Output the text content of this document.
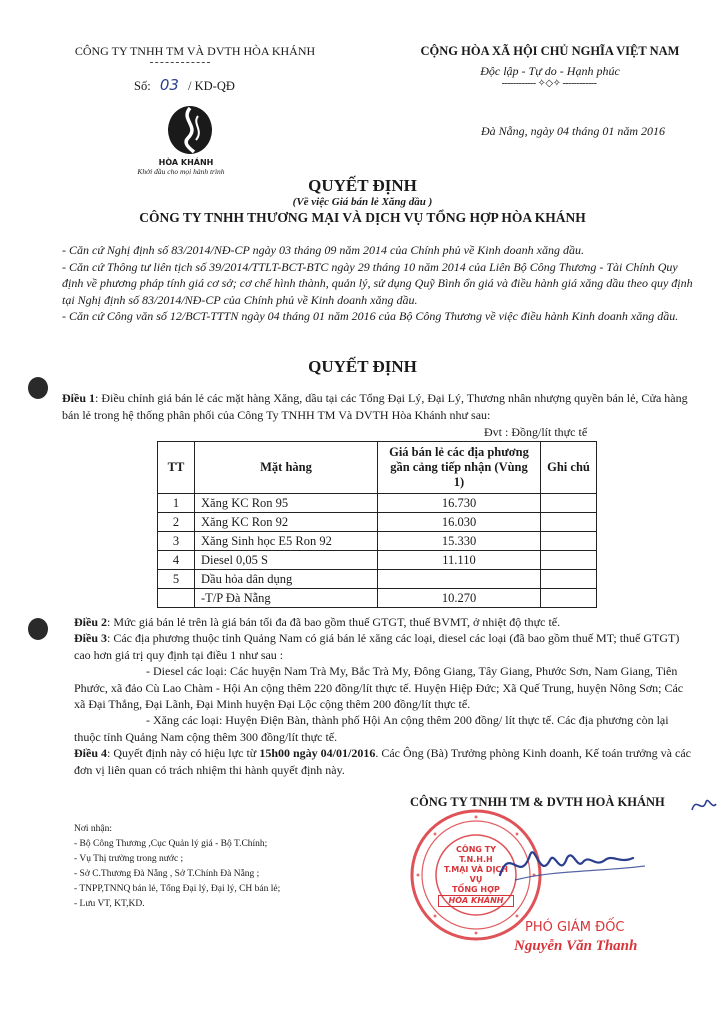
CÔNG TY TNHH TM VÀ DVTH HÒA KHÁNH
Số: 03 / KD-QĐ
HÒA KHÁNH
Khởi đầu cho mọi hành trình
CỘNG HÒA XÃ HỘI CHỦ NGHĨA VIỆT NAM
Độc lập - Tự do - Hạnh phúc
------------ ✧◇✧ ------------
Đà Nẵng, ngày 04 tháng 01 năm 2016
QUYẾT ĐỊNH
(Về việc Giá bán lẻ Xăng dầu )
CÔNG TY TNHH THƯƠNG MẠI VÀ DỊCH VỤ TỔNG HỢP HÒA KHÁNH
- Căn cứ Nghị định số 83/2014/NĐ-CP ngày 03 tháng 09 năm 2014 của Chính phủ về Kinh doanh xăng dầu.
- Căn cứ Thông tư liên tịch số 39/2014/TTLT-BCT-BTC ngày 29 tháng 10 năm 2014 của Liên Bộ Công Thương - Tài Chính Quy định về phương pháp tính giá cơ sở; cơ chế hình thành, quản lý, sử dụng Quỹ Bình ổn giá và điều hành giá xăng dầu theo quy định tại Nghị định số 83/2014/NĐ-CP của Chính phủ về Kinh doanh xăng dầu.
- Căn cứ Công văn số 12/BCT-TTTN ngày 04 tháng 01 năm 2016 của Bộ Công Thương về việc điều hành Kinh doanh xăng dầu.
QUYẾT ĐỊNH
Điều 1: Điều chỉnh giá bán lẻ các mặt hàng Xăng, dầu tại các Tổng Đại Lý, Đại Lý, Thương nhân nhượng quyền bán lẻ, Cửa hàng bán lẻ trong hệ thống phân phối của Công Ty TNHH TM Và DVTH Hòa Khánh như sau:
Đvt : Đồng/lít thực tế
TT	Mặt hàng	Giá bán lẻ các địa phương gần cảng tiếp nhận (Vùng 1)	Ghi chú
1	Xăng KC Ron 95	16.730	
2	Xăng KC Ron 92	16.030	
3	Xăng Sinh học E5 Ron 92	15.330	
4	Diesel 0,05 S	11.110	
5	Dầu hỏa dân dụng		
	-T/P Đà Nẵng	10.270	
Điều 2: Mức giá bán lẻ trên là giá bán tối đa đã bao gồm thuế GTGT, thuế BVMT, ở nhiệt độ thực tế.
Điều 3: Các địa phương thuộc tỉnh Quảng Nam có giá bán lẻ xăng các loại, diesel các loại (đã bao gồm thuế MT; thuế GTGT) cao hơn giá trị quy định tại điều 1 như sau :
- Diesel các loại: Các huyện Nam Trà My, Bắc Trà My, Đông Giang, Tây Giang, Phước Sơn, Nam Giang, Tiên Phước, xã đảo Cù Lao Chàm - Hội An cộng thêm 220 đồng/lít thực tế. Huyện Hiệp Đức; Xã Quế Trung, huyện Nông Sơn; Các xã Đại Thắng, Đại Lãnh, Đại Minh huyện Đại Lộc cộng thêm 200 đồng/lít thực tế.
- Xăng các loại: Huyện Điện Bàn, thành phố Hội An cộng thêm 200 đồng/ lít thực tế. Các địa phương còn lại thuộc tỉnh Quảng Nam cộng thêm 300 đồng/lít thực tế.
Điều 4: Quyết định này có hiệu lực từ 15h00 ngày 04/01/2016. Các Ông (Bà) Trưởng phòng Kinh doanh, Kế toán trưởng và các đơn vị liên quan có trách nhiệm thi hành quyết định này.
Nơi nhận:
- Bộ Công Thương ,Cục Quản lý giá - Bộ T.Chính;
- Vụ Thị trường trong nước ;
- Sở C.Thương Đà Nẵng , Sở T.Chính Đà Nẵng ;
- TNPP,TNNQ bán lẻ, Tổng Đại lý, Đại lý, CH bán lẻ;
- Lưu VT, KT,KD.
CÔNG TY TNHH TM & DVTH HOÀ KHÁNH
CÔNG TY
T.N.H.H
T.MẠI VÀ DỊCH VỤ
TỔNG HỢP
HÒA KHÁNH
PHÓ GIÁM ĐỐC
Nguyễn Văn Thanh
